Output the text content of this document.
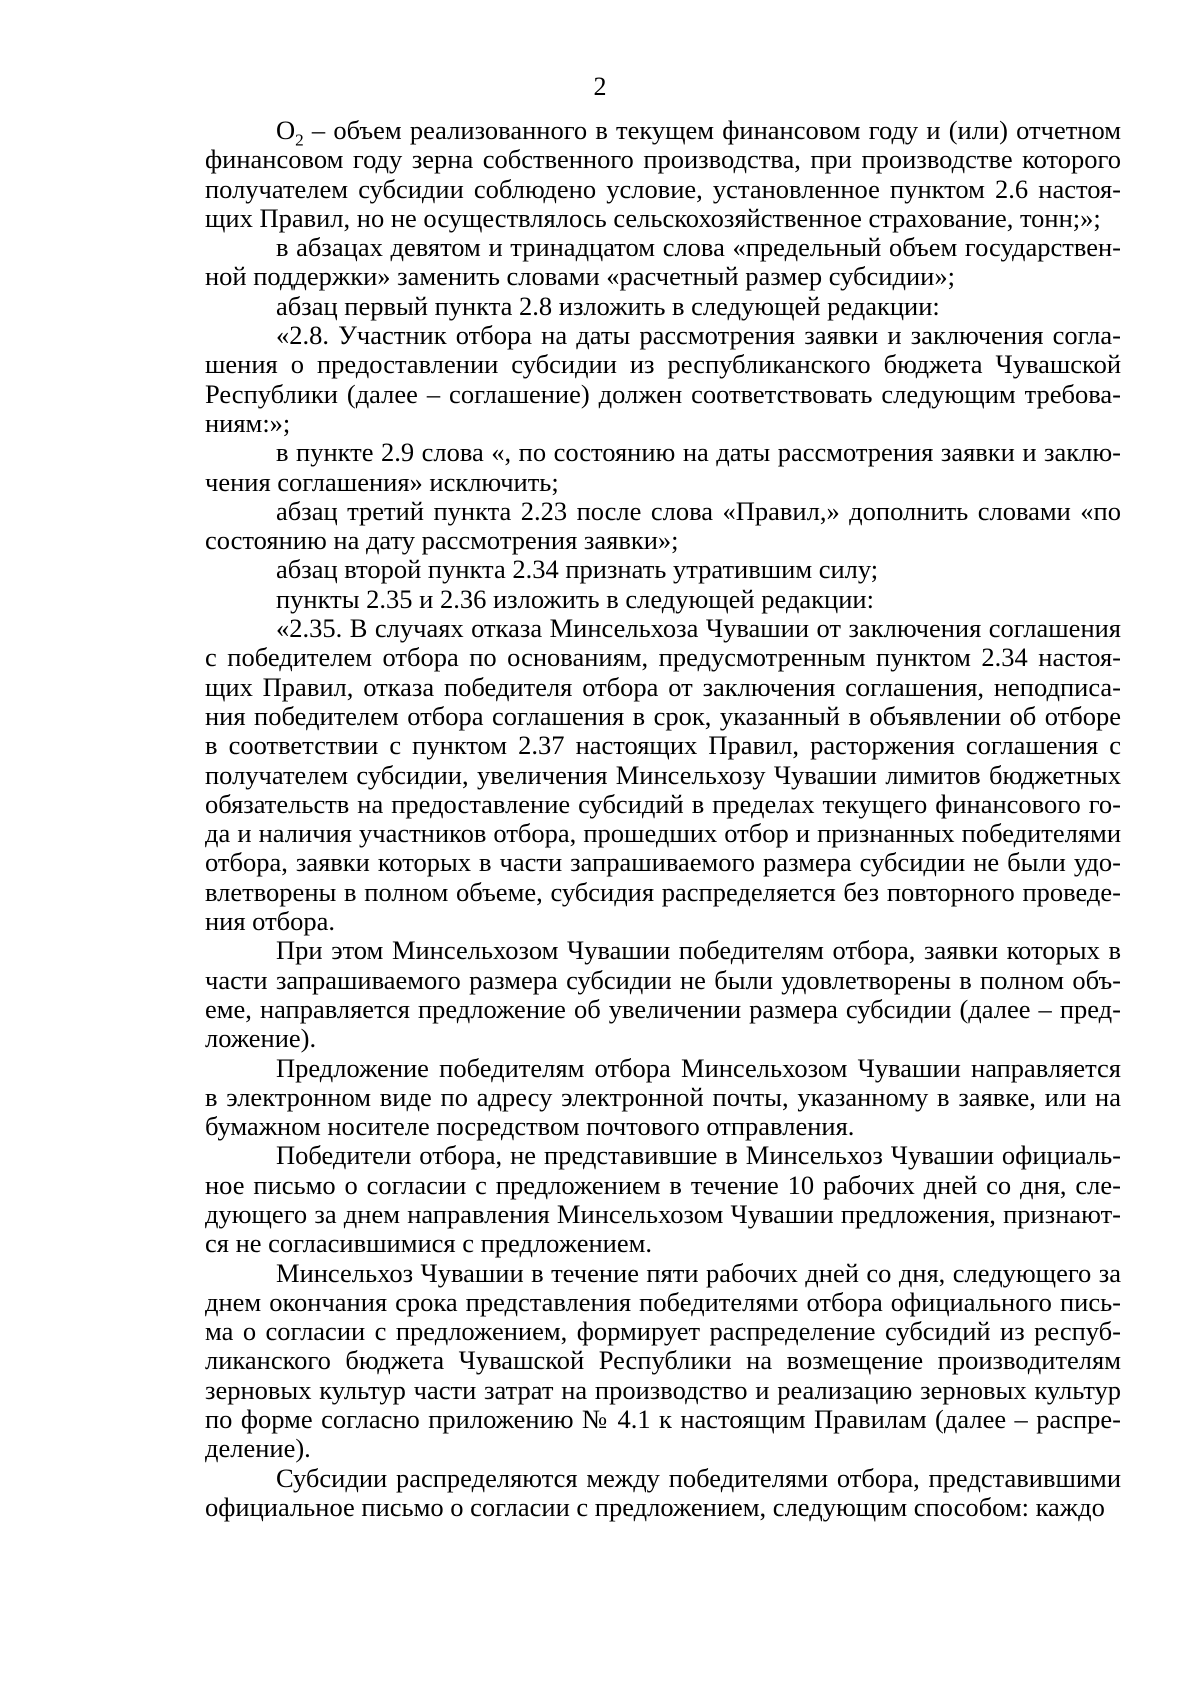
2

$O_2$ – объем реализованного в текущем финансовом году и (или) отчетном финансовом году зерна собственного производства, при производстве которого получателем субсидии соблюдено условие, установленное пунктом 2.6 настоящих Правил, но не осуществлялось сельскохозяйственное страхование, тонн;»;

в абзацах девятом и тринадцатом слова «предельный объем государственной поддержки» заменить словами «расчетный размер субсидии»;

абзац первый пункта 2.8 изложить в следующей редакции:

«2.8. Участник отбора на даты рассмотрения заявки и заключения соглашения о предоставлении субсидии из республиканского бюджета Чувашской Республики (далее – соглашение) должен соответствовать следующим требованиям:»;

в пункте 2.9 слова «, по состоянию на даты рассмотрения заявки и заключения соглашения» исключить;

абзац третий пункта 2.23 после слова «Правил,» дополнить словами «по состоянию на дату рассмотрения заявки»;

абзац второй пункта 2.34 признать утратившим силу;

пункты 2.35 и 2.36 изложить в следующей редакции:

«2.35. В случаях отказа Минсельхоза Чувашии от заключения соглашения с победителем отбора по основаниям, предусмотренным пунктом 2.34 настоящих Правил, отказа победителя отбора от заключения соглашения, неподписания победителем отбора соглашения в срок, указанный в объявлении об отборе в соответствии с пунктом 2.37 настоящих Правил, расторжения соглашения с получателем субсидии, увеличения Минсельхозу Чувашии лимитов бюджетных обязательств на предоставление субсидий в пределах текущего финансового года и наличия участников отбора, прошедших отбор и признанных победителями отбора, заявки которых в части запрашиваемого размера субсидии не были удовлетворены в полном объеме, субсидия распределяется без повторного проведения отбора.

При этом Минсельхозом Чувашии победителям отбора, заявки которых в части запрашиваемого размера субсидии не были удовлетворены в полном объеме, направляется предложение об увеличении размера субсидии (далее – предложение).

Предложение победителям отбора Минсельхозом Чувашии направляется в электронном виде по адресу электронной почты, указанному в заявке, или на бумажном носителе посредством почтового отправления.

Победители отбора, не представившие в Минсельхоз Чувашии официальное письмо о согласии с предложением в течение 10 рабочих дней со дня, следующего за днем направления Минсельхозом Чувашии предложения, признаются не согласившимися с предложением.

Минсельхоз Чувашии в течение пяти рабочих дней со дня, следующего за днем окончания срока представления победителями отбора официального письма о согласии с предложением, формирует распределение субсидий из республиканского бюджета Чувашской Республики на возмещение производителям зерновых культур части затрат на производство и реализацию зерновых культур по форме согласно приложению № 4.1 к настоящим Правилам (далее – распределение).

Субсидии распределяются между победителями отбора, представившими официальное письмо о согласии с предложением, следующим способом: каждо
